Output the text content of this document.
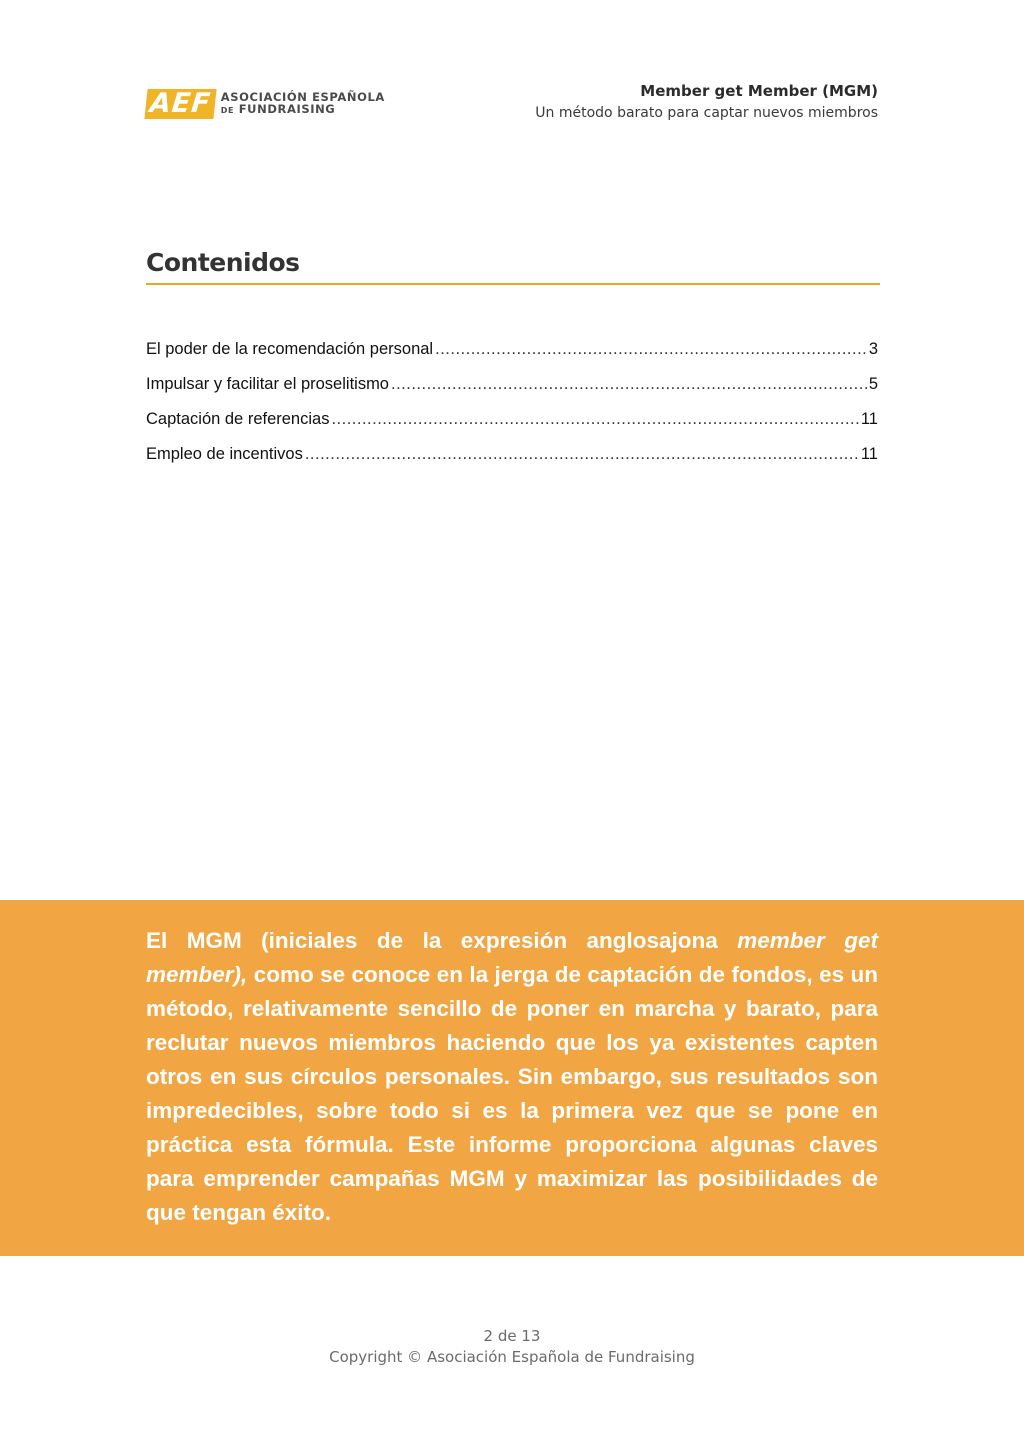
AEF ASOCIACIÓN ESPAÑOLA
DE FUNDRAISING
Member get Member (MGM)
Un método barato para captar nuevos miembros
Contenidos
El poder de la recomendación personal .....	3
Impulsar y facilitar el proselitismo .....	5
Captación de referencias .....	11
Empleo de incentivos .....	11
El MGM (iniciales de la expresión anglosajona member get member), como se conoce en la jerga de captación de fondos, es un método, relativamente sencillo de poner en marcha y barato, para reclutar nuevos miembros haciendo que los ya existentes capten otros en sus círculos personales. Sin embargo, sus resultados son impredecibles, sobre todo si es la primera vez que se pone en práctica esta fórmula. Este informe proporciona algunas claves para emprender campañas MGM y maximizar las posibilidades de que tengan éxito.
2 de 13
Copyright © Asociación Española de Fundraising
